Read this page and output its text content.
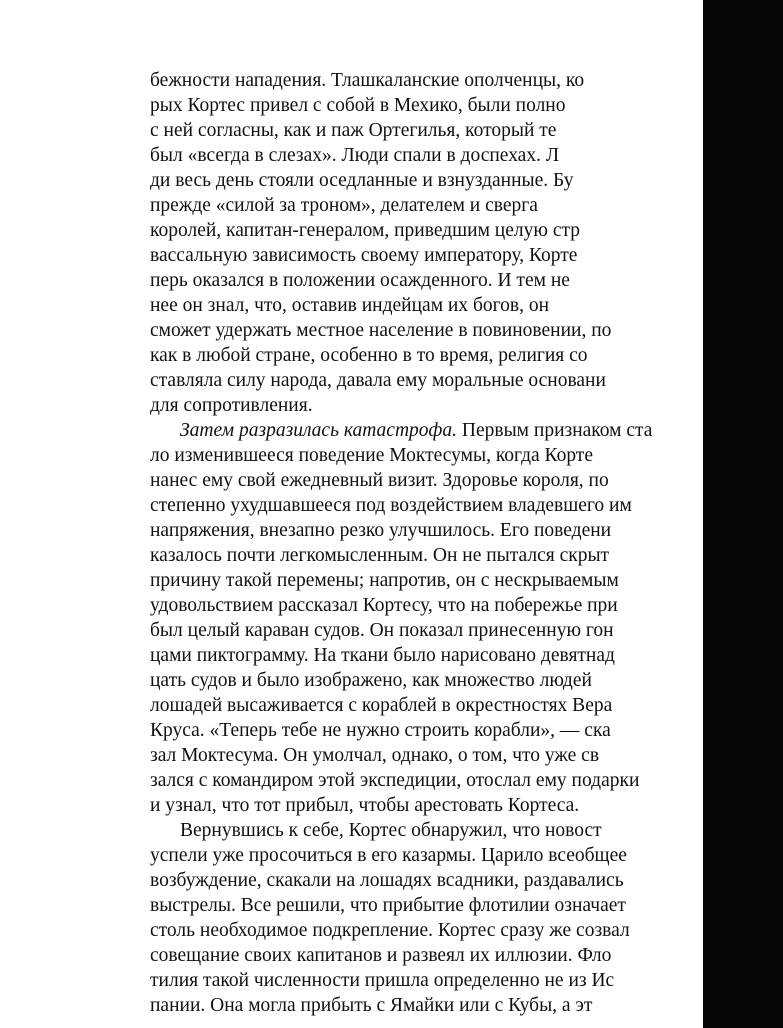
бежности нападения. Тлашкаланские ополченцы, ко
рых Кортес привел с собой в Мехико, были полно
с ней согласны, как и паж Ортегилья, который те
был «всегда в слезах». Люди спали в доспехах. Л
ди весь день стояли оседланные и взнузданные. Бу
прежде «силой за троном», делателем и сверга
королей, капитан-генералом, приведшим целую стр
вассальную зависимость своему императору, Корте
перь оказался в положении осажденного. И тем не
нее он знал, что, оставив индейцам их богов, он
сможет удержать местное население в повиновении, по
как в любой стране, особенно в то время, религия со
ставляла силу народа, давала ему моральные основани
для сопротивления.
Затем разразилась катастрофа. Первым признаком ста
ло изменившееся поведение Моктесумы, когда Корте
нанес ему свой ежедневный визит. Здоровье короля, по
степенно ухудшавшееся под воздействием владевшего им
напряжения, внезапно резко улучшилось. Его поведени
казалось почти легкомысленным. Он не пытался скрыт
причину такой перемены; напротив, он с нескрываемым
удовольствием рассказал Кортесу, что на побережье при
был целый караван судов. Он показал принесенную гон
цами пиктограмму. На ткани было нарисовано девятнад
цать судов и было изображено, как множество людей
лошадей высаживается с кораблей в окрестностях Вера
Круса. «Теперь тебе не нужно строить корабли», — ска
зал Моктесума. Он умолчал, однако, о том, что уже св
зался с командиром этой экспедиции, отослал ему подарки
и узнал, что тот прибыл, чтобы арестовать Кортеса.
Вернувшись к себе, Кортес обнаружил, что новост
успели уже просочиться в его казармы. Царило всеобщее
возбуждение, скакали на лошадях всадники, раздавались
выстрелы. Все решили, что прибытие флотилии означает
столь необходимое подкрепление. Кортес сразу же созвал
совещание своих капитанов и развеял их иллюзии. Фло
тилия такой численности пришла определенно не из Ис
пании. Она могла прибыть с Ямайки или с Кубы, а эт
